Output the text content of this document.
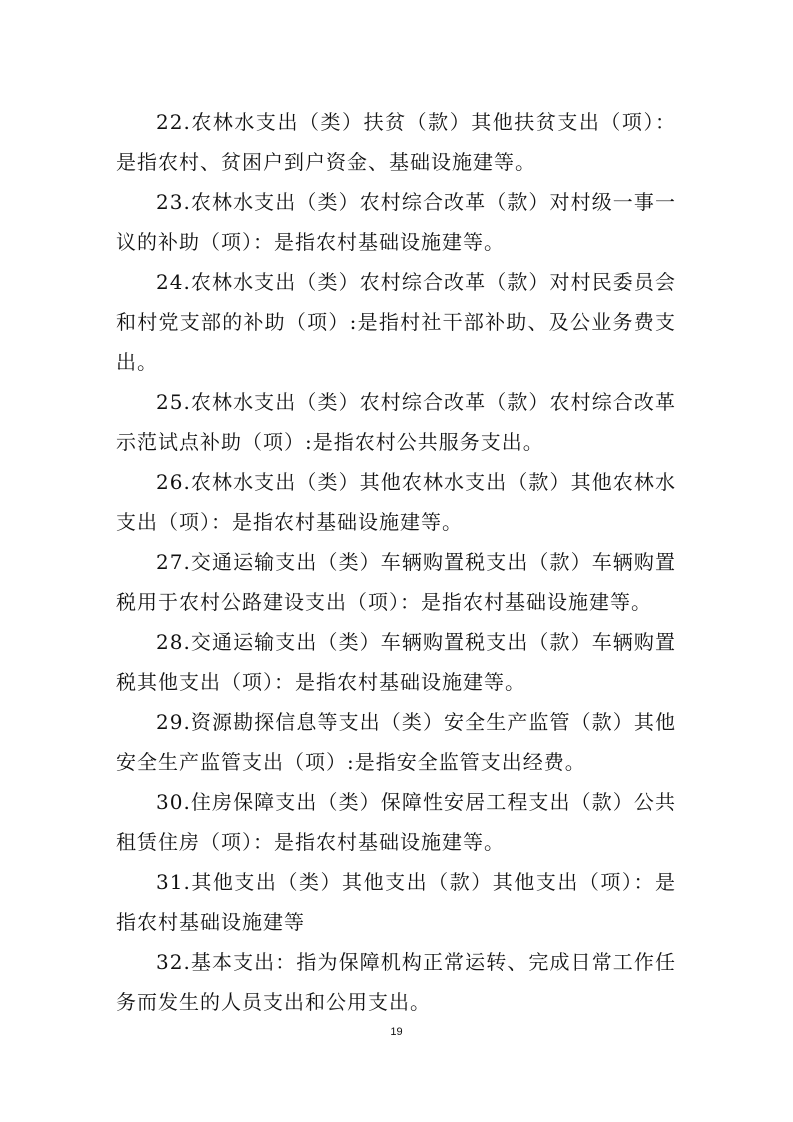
22.农林水支出（类）扶贫（款）其他扶贫支出（项）：是指农村、贫困户到户资金、基础设施建等。

23.农林水支出（类）农村综合改革（款）对村级一事一议的补助（项）：是指农村基础设施建等。

24.农林水支出（类）农村综合改革（款）对村民委员会和村党支部的补助（项）:是指村社干部补助、及公业务费支出。

25.农林水支出（类）农村综合改革（款）农村综合改革示范试点补助（项）:是指农村公共服务支出。

26.农林水支出（类）其他农林水支出（款）其他农林水支出（项）：是指农村基础设施建等。

27.交通运输支出（类）车辆购置税支出（款）车辆购置税用于农村公路建设支出（项）：是指农村基础设施建等。

28.交通运输支出（类）车辆购置税支出（款）车辆购置税其他支出（项）：是指农村基础设施建等。

29.资源勘探信息等支出（类）安全生产监管（款）其他安全生产监管支出（项）:是指安全监管支出经费。

30.住房保障支出（类）保障性安居工程支出（款）公共租赁住房（项）：是指农村基础设施建等。

31.其他支出（类）其他支出（款）其他支出（项）：是指农村基础设施建等

32.基本支出：指为保障机构正常运转、完成日常工作任务而发生的人员支出和公用支出。

19
